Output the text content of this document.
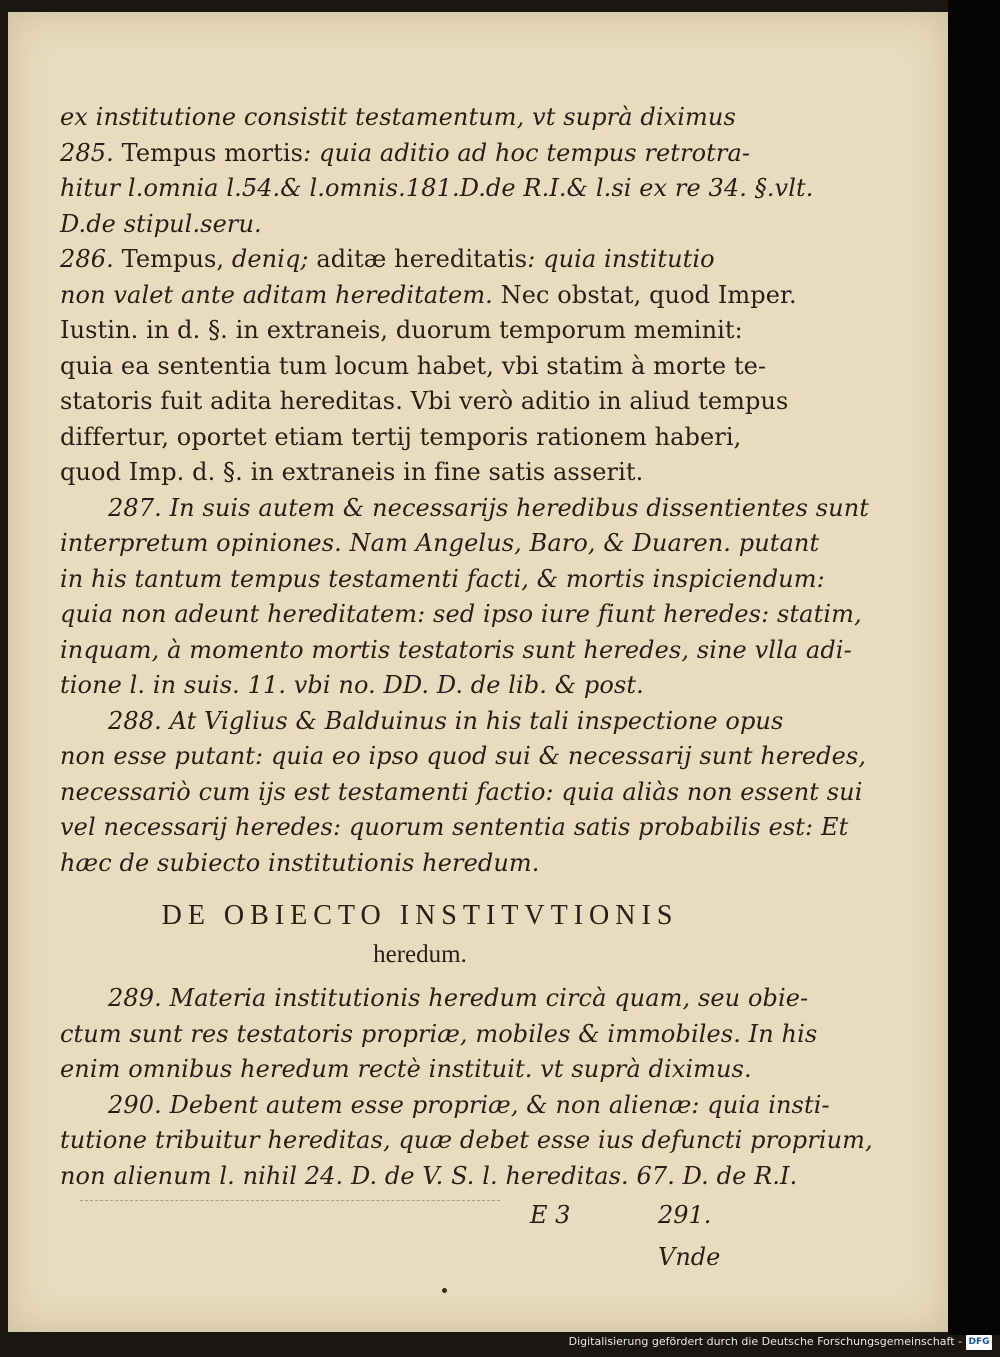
ex institutione consistit testamentum, vt suprà diximus
285. Tempus mortis: quia aditio ad hoc tempus retrotra-
hitur l.omnia l.54.& l.omnis.181.D.de R.I.& l.si ex re 34. §.vlt.
D.de stipul.seru.
286. Tempus, deniq; aditæ hereditatis: quia institutio
non valet ante aditam hereditatem. Nec obstat, quod Imper.
Iustin. in d. §. in extraneis, duorum temporum meminit:
quia ea sententia tum locum habet, vbi statim à morte te-
statoris fuit adita hereditas. Vbi verò aditio in aliud tempus
differtur, oportet etiam tertij temporis rationem haberi,
quod Imp. d. §. in extraneis in fine satis asserit.
287. In suis autem & necessarijs heredibus dissentientes sunt
interpretum opiniones. Nam Angelus, Baro, & Duaren. putant
in his tantum tempus testamenti facti, & mortis inspiciendum:
quia non adeunt hereditatem: sed ipso iure fiunt heredes: statim,
inquam, à momento mortis testatoris sunt heredes, sine vlla adi-
tione l. in suis. 11. vbi no. DD. D. de lib. & post.
288. At Viglius & Balduinus in his tali inspectione opus
non esse putant: quia eo ipso quod sui & necessarij sunt heredes,
necessariò cum ijs est testamenti factio: quia aliàs non essent sui
vel necessarij heredes: quorum sententia satis probabilis est: Et
hæc de subiecto institutionis heredum.
DE OBIECTO INSTITVTIONIS
heredum.
289. Materia institutionis heredum circà quam, seu obie-
ctum sunt res testatoris propriæ, mobiles & immobiles. In his
enim omnibus heredum rectè instituit. vt suprà diximus.
290. Debent autem esse propriæ, & non alienæ: quia insti-
tutione tribuitur hereditas, quæ debet esse ius defuncti proprium,
non alienum l. nihil 24. D. de V. S. l. hereditas. 67. D. de R.I.
E 3	291. Vnde
Digitalisierung gefördert durch die Deutsche Forschungsgemeinschaft - DFG
